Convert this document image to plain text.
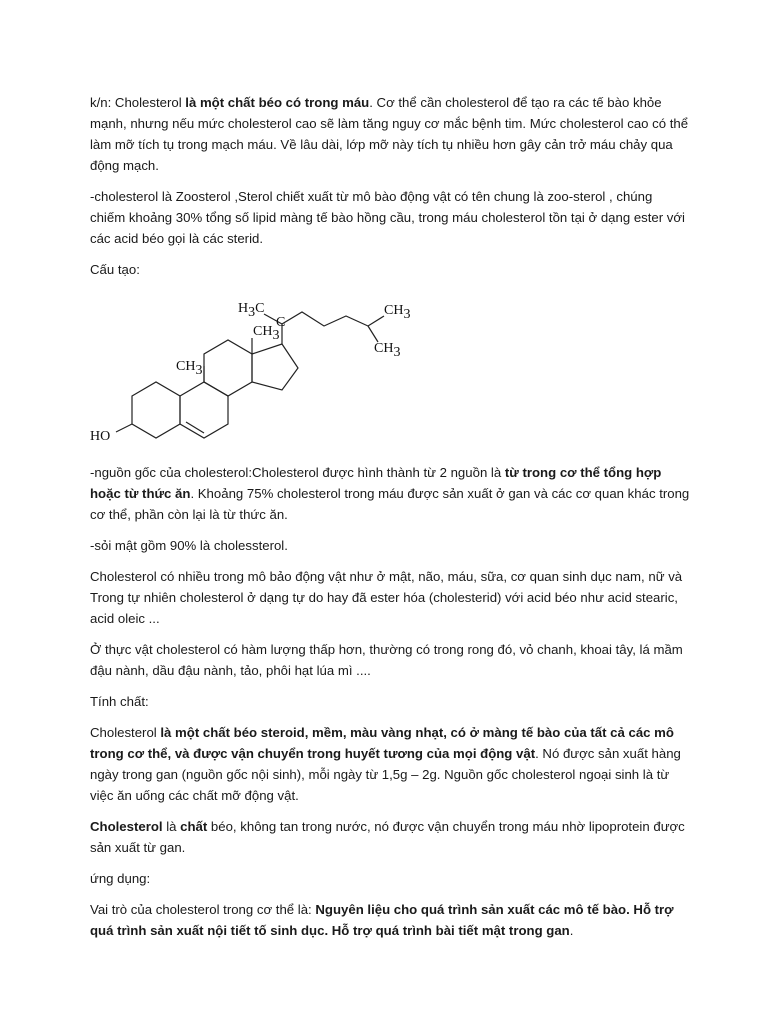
k/n: Cholesterol là một chất béo có trong máu. Cơ thể cần cholesterol để tạo ra các tế bào khỏe mạnh, nhưng nếu mức cholesterol cao sẽ làm tăng nguy cơ mắc bệnh tim. Mức cholesterol cao có thể làm mỡ tích tụ trong mạch máu. Về lâu dài, lớp mỡ này tích tụ nhiều hơn gây cản trở máu chảy qua động mạch.

-cholesterol là Zoosterol ,Sterol chiết xuất từ mô bào động vật có tên chung là zoo-sterol , chúng chiếm khoảng 30% tổng số lipid màng tế bào hồng cầu, trong máu cholesterol tồn tại ở dạng ester với các acid béo gọi là các sterid.

Cấu tạo:

H3C
C
CH3
CH3
CH3
CH3
HO

-nguồn gốc của cholesterol:Cholesterol được hình thành từ 2 nguồn là từ trong cơ thể tổng hợp hoặc từ thức ăn. Khoảng 75% cholesterol trong máu được sản xuất ở gan và các cơ quan khác trong cơ thể, phần còn lại là từ thức ăn.

-sỏi mật gồm 90% là cholessterol.

Cholesterol có nhiều trong mô bảo động vật như ở mật, não, máu, sữa, cơ quan sinh dục nam, nữ và Trong tự nhiên cholesterol ở dạng tự do hay đã ester hóa (cholesterid) với acid béo như acid stearic, acid oleic ...

Ở thực vật cholesterol có hàm lượng thấp hơn, thường có trong rong đó, vỏ chanh, khoai tây, lá mầm đậu nành, dầu đậu nành, tảo, phôi hạt lúa mì ....

Tính chất:

Cholesterol là một chất béo steroid, mềm, màu vàng nhạt, có ở màng tế bào của tất cả các mô trong cơ thể, và được vận chuyển trong huyết tương của mọi động vật. Nó được sản xuất hàng ngày trong gan (nguồn gốc nội sinh), mỗi ngày từ 1,5g – 2g. Nguồn gốc cholesterol ngoại sinh là từ việc ăn uống các chất mỡ động vật.

Cholesterol là chất béo, không tan trong nước, nó được vận chuyển trong máu nhờ lipoprotein được sản xuất từ gan.

ứng dụng:

Vai trò của cholesterol trong cơ thể là: Nguyên liệu cho quá trình sản xuất các mô tế bào. Hỗ trợ quá trình sản xuất nội tiết tố sinh dục. Hỗ trợ quá trình bài tiết mật trong gan.
